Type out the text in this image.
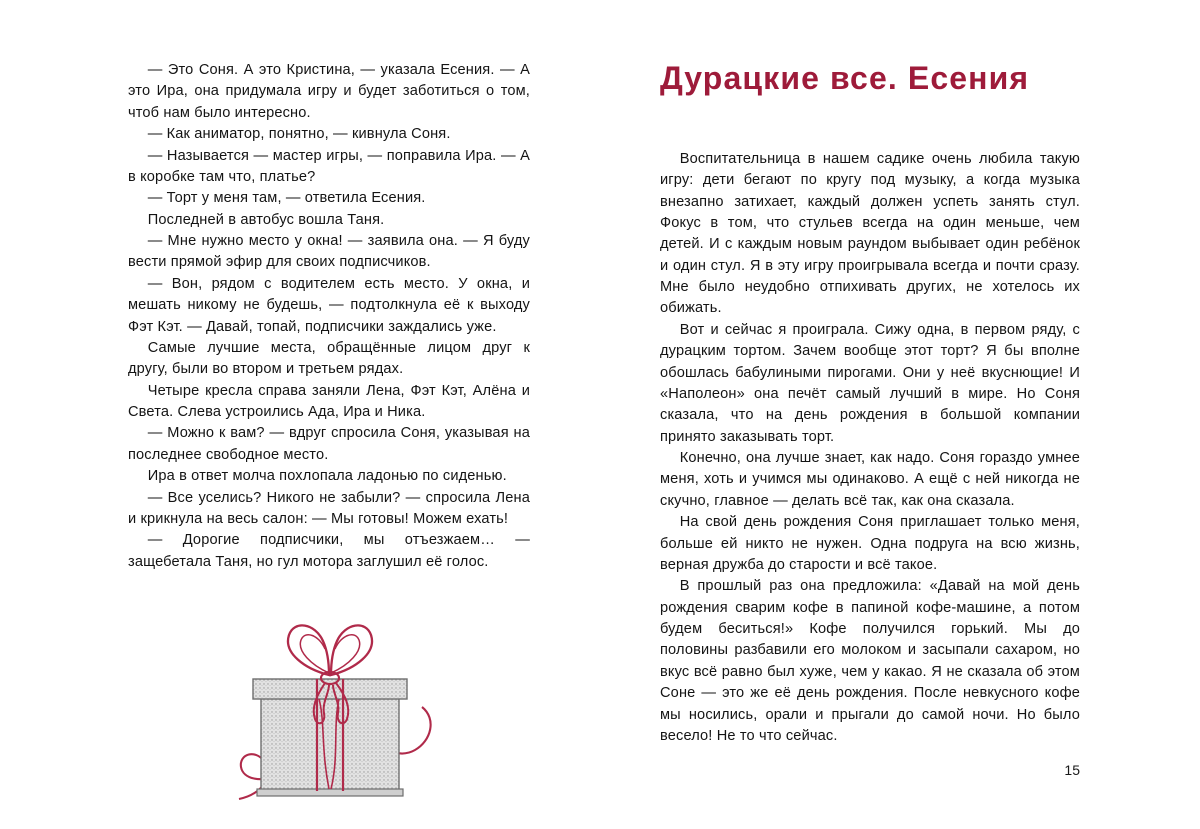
— Это Соня. А это Кристина, — указала Есения. — А это Ира, она придумала игру и будет заботиться о том, чтоб нам было интересно.

— Как аниматор, понятно, — кивнула Соня.

— Называется — мастер игры, — поправила Ира. — А в коробке там что, платье?

— Торт у меня там, — ответила Есения.

Последней в автобус вошла Таня.

— Мне нужно место у окна! — заявила она. — Я буду вести прямой эфир для своих подписчиков.

— Вон, рядом с водителем есть место. У окна, и мешать никому не будешь, — подтолкнула её к выходу Фэт Кэт. — Давай, топай, подписчики заждались уже.

Самые лучшие места, обращённые лицом друг к другу, были во втором и третьем рядах.

Четыре кресла справа заняли Лена, Фэт Кэт, Алёна и Света. Слева устроились Ада, Ира и Ника.

— Можно к вам? — вдруг спросила Соня, указывая на последнее свободное место.

Ира в ответ молча похлопала ладонью по сиденью.

— Все уселись? Никого не забыли? — спросила Лена и крикнула на весь салон: — Мы готовы! Можем ехать!

— Дорогие подписчики, мы отъезжаем… — защебетала Таня, но гул мотора заглушил её голос.

Дурацкие все. Есения

Воспитательница в нашем садике очень любила такую игру: дети бегают по кругу под музыку, а когда музыка внезапно затихает, каждый должен успеть занять стул. Фокус в том, что стульев всегда на один меньше, чем детей. И с каждым новым раундом выбывает один ребёнок и один стул. Я в эту игру проигрывала всегда и почти сразу. Мне было неудобно отпихивать других, не хотелось их обижать.

Вот и сейчас я проиграла. Сижу одна, в первом ряду, с дурацким тортом. Зачем вообще этот торт? Я бы вполне обошлась бабулиными пирогами. Они у неё вкуснющие! И «Наполеон» она печёт самый лучший в мире. Но Соня сказала, что на день рождения в большой компании принято заказывать торт.

Конечно, она лучше знает, как надо. Соня гораздо умнее меня, хоть и учимся мы одинаково. А ещё с ней никогда не скучно, главное — делать всё так, как она сказала.

На свой день рождения Соня приглашает только меня, больше ей никто не нужен. Одна подруга на всю жизнь, верная дружба до старости и всё такое.

В прошлый раз она предложила: «Давай на мой день рождения сварим кофе в папиной кофе-машине, а потом будем беситься!» Кофе получился горький. Мы до половины разбавили его молоком и засыпали сахаром, но вкус всё равно был хуже, чем у какао. Я не сказала об этом Соне — это же её день рождения. После невкусного кофе мы носились, орали и прыгали до самой ночи. Но было весело! Не то что сейчас.

15
